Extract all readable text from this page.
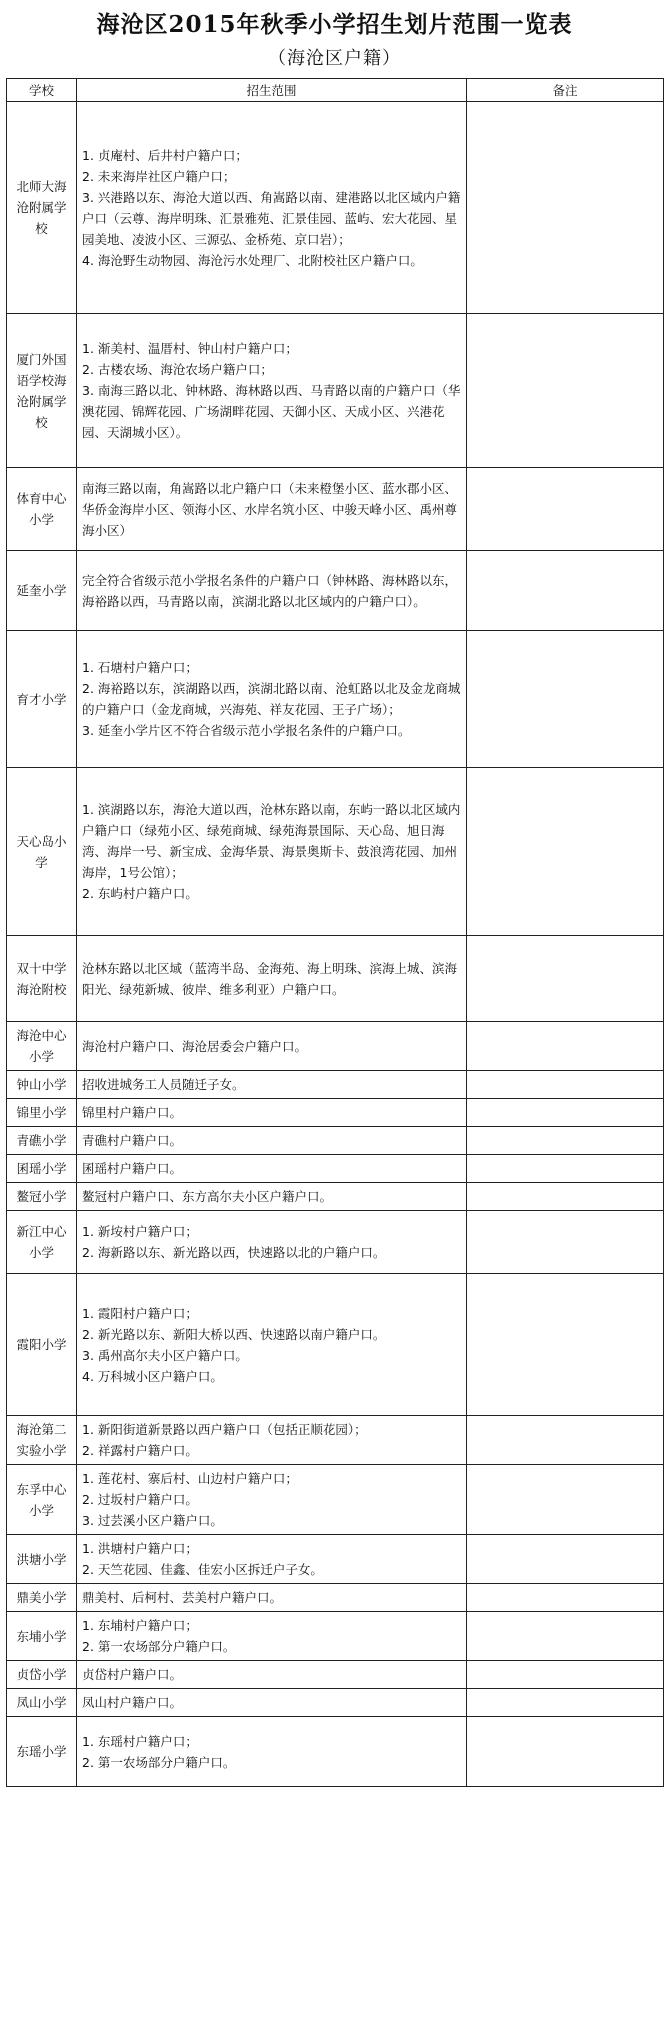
海沧区2015年秋季小学招生划片范围一览表
（海沧区户籍）
学校	招生范围	备注
北师大海沧附属学校	1. 贞庵村、后井村户籍户口；
2. 未来海岸社区户籍户口；
3. 兴港路以东、海沧大道以西、角嵩路以南、建港路以北区域内户籍户口（云尊、海岸明珠、汇景雅苑、汇景佳园、蓝屿、宏大花园、星园美地、凌波小区、三源弘、金桥苑、京口岩）；
4. 海沧野生动物园、海沧污水处理厂、北附校社区户籍户口。	

厦门外国语学校海沧附属学校	1. 渐美村、温厝村、钟山村户籍户口；
2. 古楼农场、海沧农场户籍户口；
3. 南海三路以北、钟林路、海林路以西、马青路以南的户籍户口（华澳花园、锦辉花园、广场湖畔花园、天御小区、天成小区、兴港花园、天湖城小区）。	

体育中心小学	南海三路以南，角嵩路以北户籍户口（未来橙堡小区、蓝水郡小区、华侨金海岸小区、领海小区、水岸名筑小区、中骏天峰小区、禹州尊海小区）	

延奎小学	完全符合省级示范小学报名条件的户籍户口（钟林路、海林路以东，海裕路以西，马青路以南，滨湖北路以北区域内的户籍户口）。	

育才小学	1. 石塘村户籍户口；
2. 海裕路以东，滨湖路以西，滨湖北路以南、沧虹路以北及金龙商城的户籍户口（金龙商城，兴海苑、祥友花园、王子广场）；
3. 延奎小学片区不符合省级示范小学报名条件的户籍户口。	

天心岛小学	1. 滨湖路以东，海沧大道以西，沧林东路以南，东屿一路以北区域内户籍户口（绿苑小区、绿苑商城、绿苑海景国际、天心岛、旭日海湾、海岸一号、新宝成、金海华景、海景奥斯卡、鼓浪湾花园、加州海岸，1号公馆）；
2. 东屿村户籍户口。	

双十中学海沧附校	沧林东路以北区域（蓝湾半岛、金海苑、海上明珠、滨海上城、滨海阳光、绿苑新城、彼岸、维多利亚）户籍户口。	

海沧中心小学	海沧村户籍户口、海沧居委会户籍户口。	

钟山小学	招收进城务工人员随迁子女。	

锦里小学	锦里村户籍户口。	

青礁小学	青礁村户籍户口。	

囷瑶小学	囷瑶村户籍户口。	

鳌冠小学	鳌冠村户籍户口、东方高尔夫小区户籍户口。	

新江中心小学	1. 新垵村户籍户口；
2. 海新路以东、新光路以西，快速路以北的户籍户口。	

霞阳小学	1. 霞阳村户籍户口；
2. 新光路以东、新阳大桥以西、快速路以南户籍户口。
3. 禹州高尔夫小区户籍户口。
4. 万科城小区户籍户口。	

海沧第二实验小学	1. 新阳街道新景路以西户籍户口（包括正顺花园）；
2. 祥露村户籍户口。	

东孚中心小学	1. 莲花村、寨后村、山边村户籍户口；
2. 过坂村户籍户口。
3. 过芸溪小区户籍户口。	

洪塘小学	1. 洪塘村户籍户口；
2. 天竺花园、佳鑫、佳宏小区拆迁户子女。	

鼎美小学	鼎美村、后柯村、芸美村户籍户口。	

东埔小学	1. 东埔村户籍户口；
2. 第一农场部分户籍户口。	

贞岱小学	贞岱村户籍户口。	

凤山小学	凤山村户籍户口。	

东瑶小学	1. 东瑶村户籍户口；
2. 第一农场部分户籍户口。	
